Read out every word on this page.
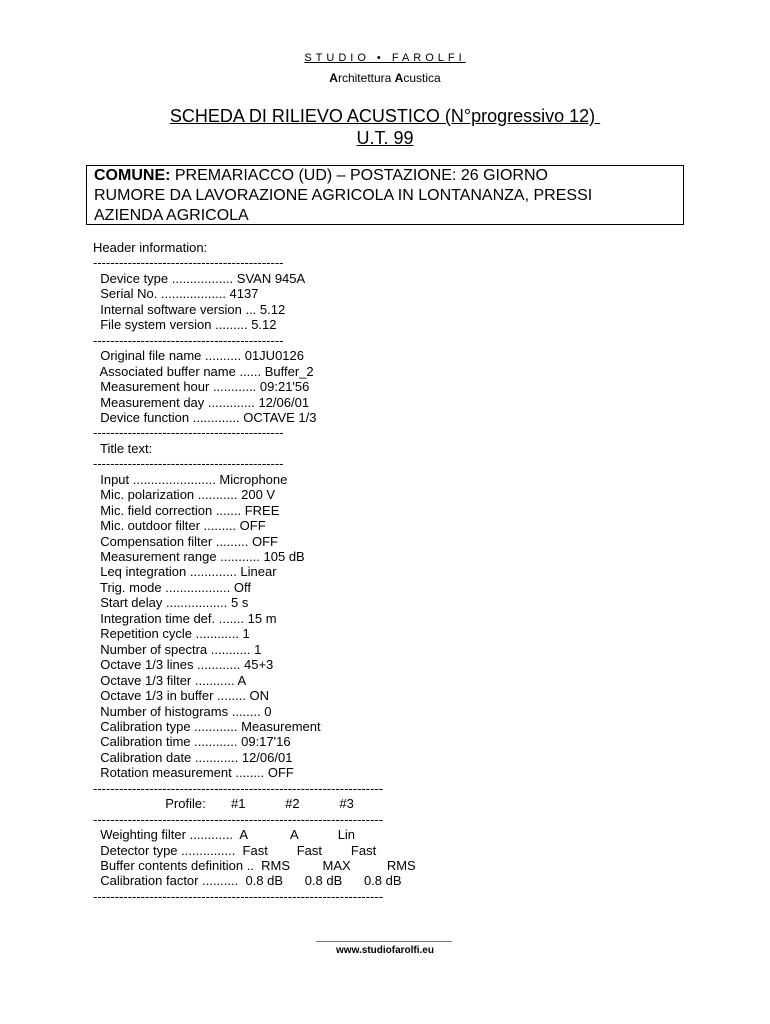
STUDIO • FAROLFI
Architettura Acustica
SCHEDA DI RILIEVO ACUSTICO (N°progressivo 12)
U.T. 99
COMUNE: PREMARIACCO (UD) – POSTAZIONE: 26 GIORNO
RUMORE DA LAVORAZIONE AGRICOLA IN LONTANANZA, PRESSI
AZIENDA AGRICOLA
Header information:
--------------------------------------------
Device type ................. SVAN 945A
Serial No. .................. 4137
Internal software version ... 5.12
File system version ......... 5.12
--------------------------------------------
Original file name .......... 01JU0126
Associated buffer name ...... Buffer_2
Measurement hour ............ 09:21'56
Measurement day ............. 12/06/01
Device function ............. OCTAVE 1/3
--------------------------------------------
Title text:
--------------------------------------------
Input ....................... Microphone
Mic. polarization ........... 200 V
Mic. field correction ....... FREE
Mic. outdoor filter ......... OFF
Compensation filter ......... OFF
Measurement range ........... 105 dB
Leq integration ............. Linear
Trig. mode .................. Off
Start delay ................. 5 s
Integration time def. ....... 15 m
Repetition cycle ............ 1
Number of spectra ........... 1
Octave 1/3 lines ............ 45+3
Octave 1/3 filter ........... A
Octave 1/3 in buffer ........ ON
Number of histograms ........ 0
Calibration type ............ Measurement
Calibration time ............ 09:17'16
Calibration date ............ 12/06/01
Rotation measurement ........ OFF
-------------------------------------------------------------------
Profile:       #1           #2           #3
-------------------------------------------------------------------
Weighting filter ............  A            A           Lin
Detector type ...............  Fast        Fast        Fast
Buffer contents definition ..  RMS         MAX          RMS
Calibration factor ..........  0.8 dB      0.8 dB      0.8 dB
-------------------------------------------------------------------
www.studiofarolfi.eu
